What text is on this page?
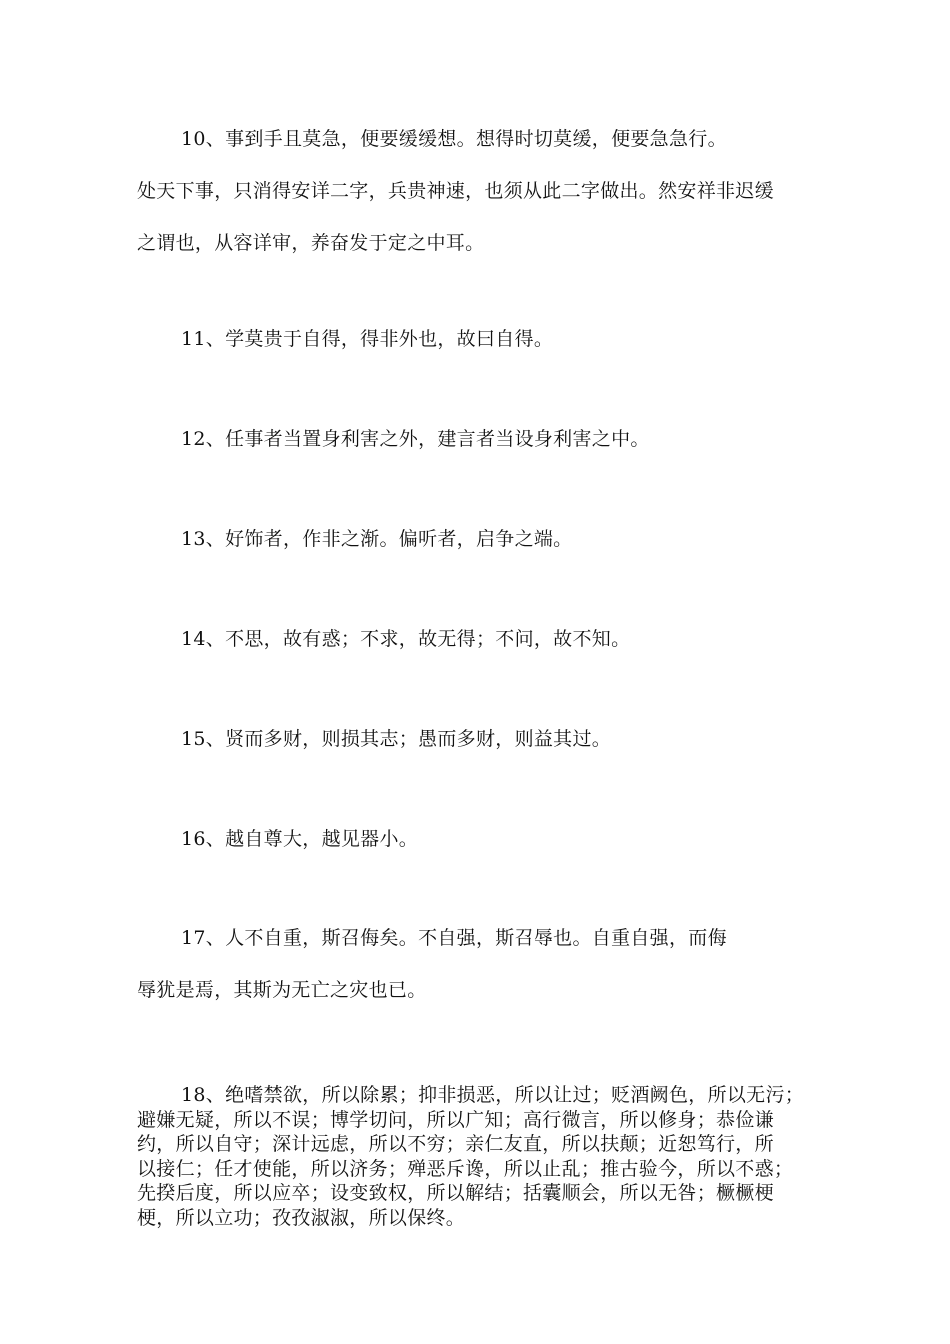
10、事到手且莫急，便要缓缓想。想得时切莫缓，便要急急行。
处天下事，只消得安详二字，兵贵神速，也须从此二字做出。然安祥非迟缓
之谓也，从容详审，养奋发于定之中耳。

11、学莫贵于自得，得非外也，故曰自得。

12、任事者当置身利害之外，建言者当设身利害之中。

13、好饰者，作非之渐。偏听者，启争之端。

14、不思，故有惑；不求，故无得；不问，故不知。

15、贤而多财，则损其志；愚而多财，则益其过。

16、越自尊大，越见器小。

17、人不自重，斯召侮矣。不自强，斯召辱也。自重自强，而侮
辱犹是焉，其斯为无亡之灾也已。

18、绝嗜禁欲，所以除累；抑非损恶，所以让过；贬酒阙色，所以无污；
避嫌无疑，所以不误；博学切问，所以广知；高行微言，所以修身；恭俭谦
约，所以自守；深计远虑，所以不穷；亲仁友直，所以扶颠；近恕笃行，所
以接仁；任才使能，所以济务；殚恶斥谗，所以止乱；推古验今，所以不惑；
先揆后度，所以应卒；设变致权，所以解结；括囊顺会，所以无咎；橛橛梗
梗，所以立功；孜孜淑淑，所以保终。
